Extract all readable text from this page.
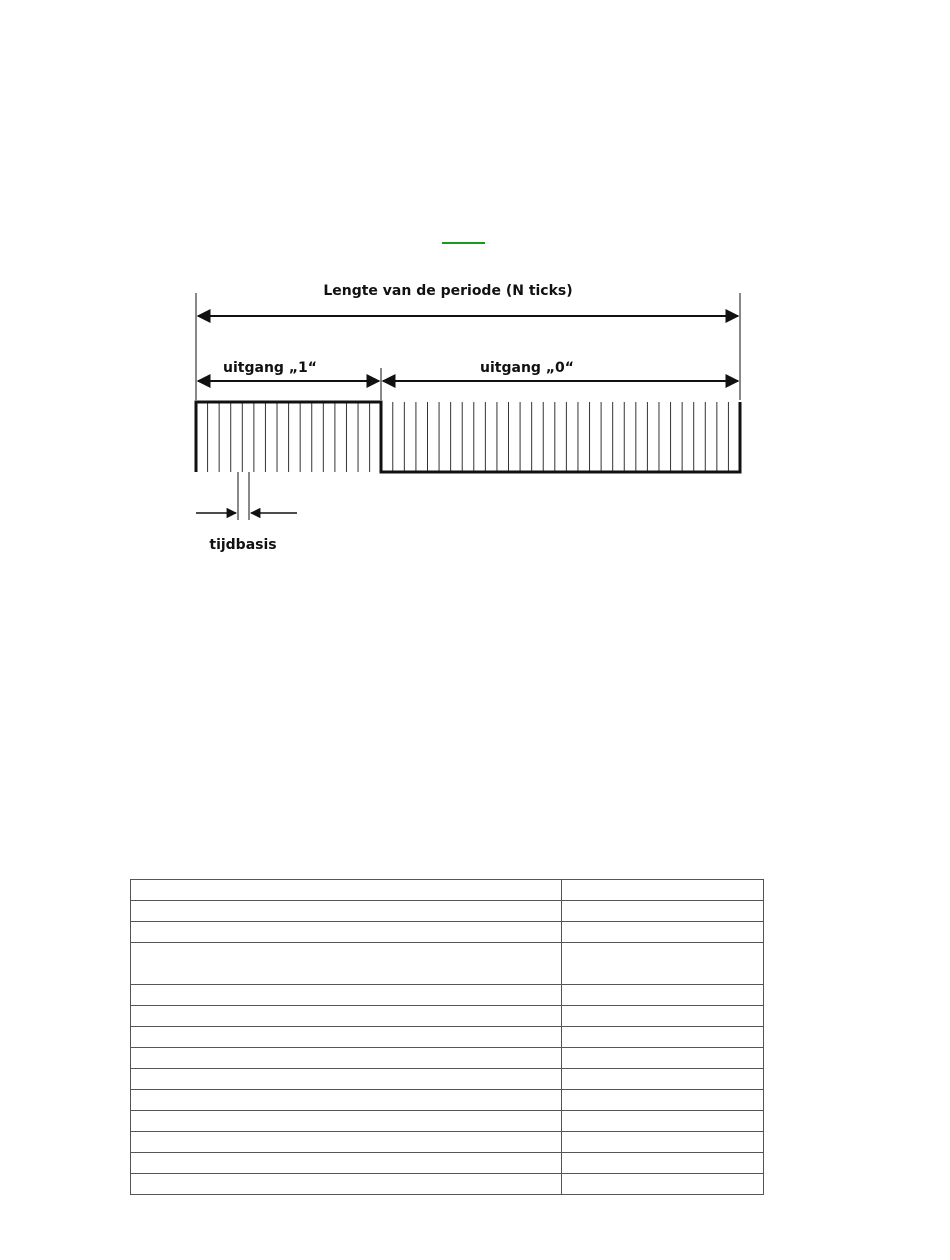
Lengte van de periode (N ticks)
uitgang „1“	uitgang „0“
tijdbasis
